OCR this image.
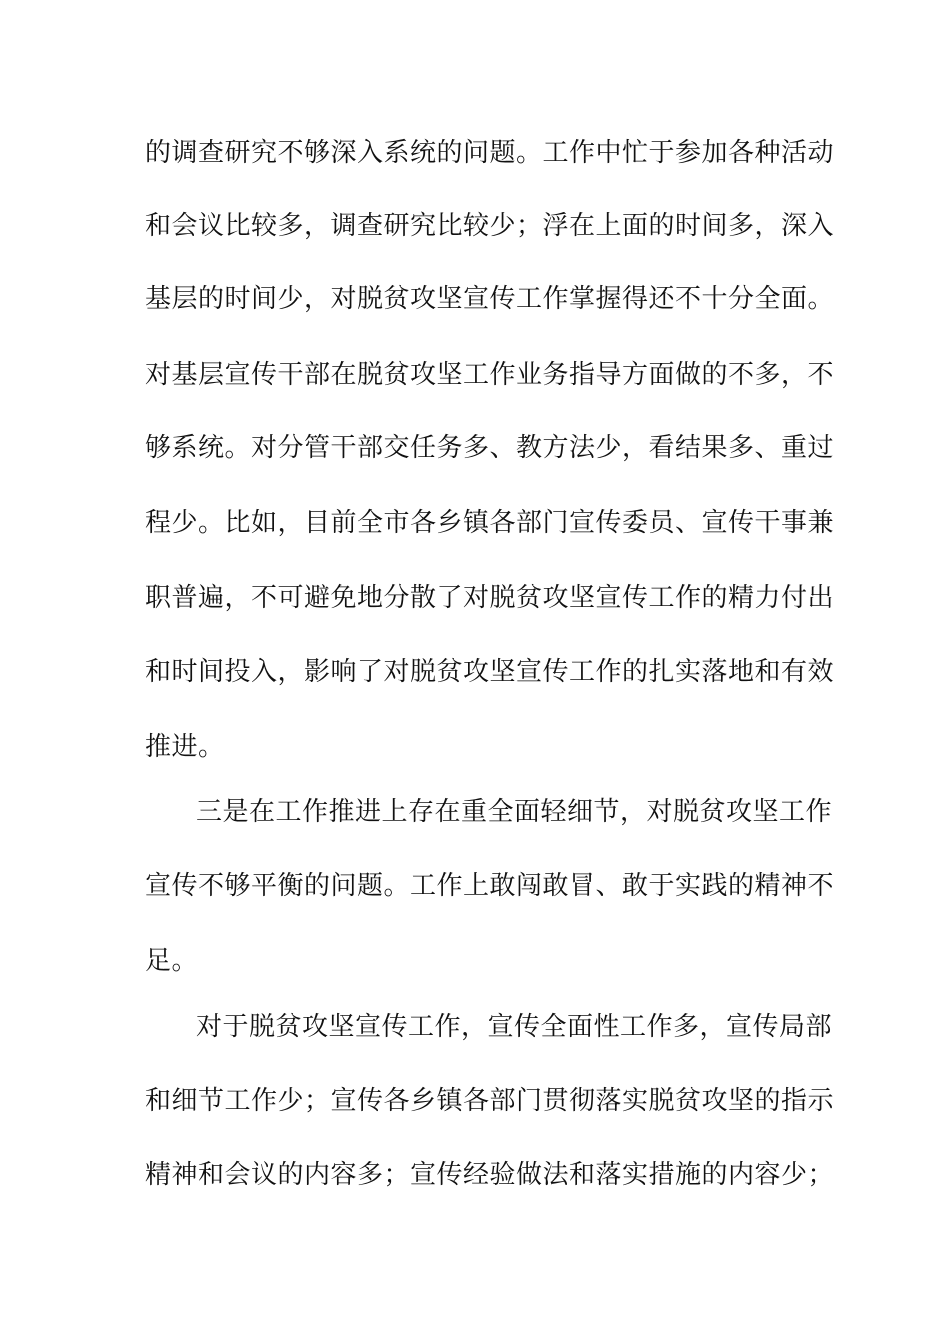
的调查研究不够深入系统的问题。工作中忙于参加各种活动
和会议比较多，调查研究比较少；浮在上面的时间多，深入
基层的时间少，对脱贫攻坚宣传工作掌握得还不十分全面。
对基层宣传干部在脱贫攻坚工作业务指导方面做的不多，不
够系统。对分管干部交任务多、教方法少，看结果多、重过
程少。比如，目前全市各乡镇各部门宣传委员、宣传干事兼
职普遍，不可避免地分散了对脱贫攻坚宣传工作的精力付出
和时间投入，影响了对脱贫攻坚宣传工作的扎实落地和有效
推进。
三是在工作推进上存在重全面轻细节，对脱贫攻坚工作
宣传不够平衡的问题。工作上敢闯敢冒、敢于实践的精神不
足。
对于脱贫攻坚宣传工作，宣传全面性工作多，宣传局部
和细节工作少；宣传各乡镇各部门贯彻落实脱贫攻坚的指示
精神和会议的内容多；宣传经验做法和落实措施的内容少；
